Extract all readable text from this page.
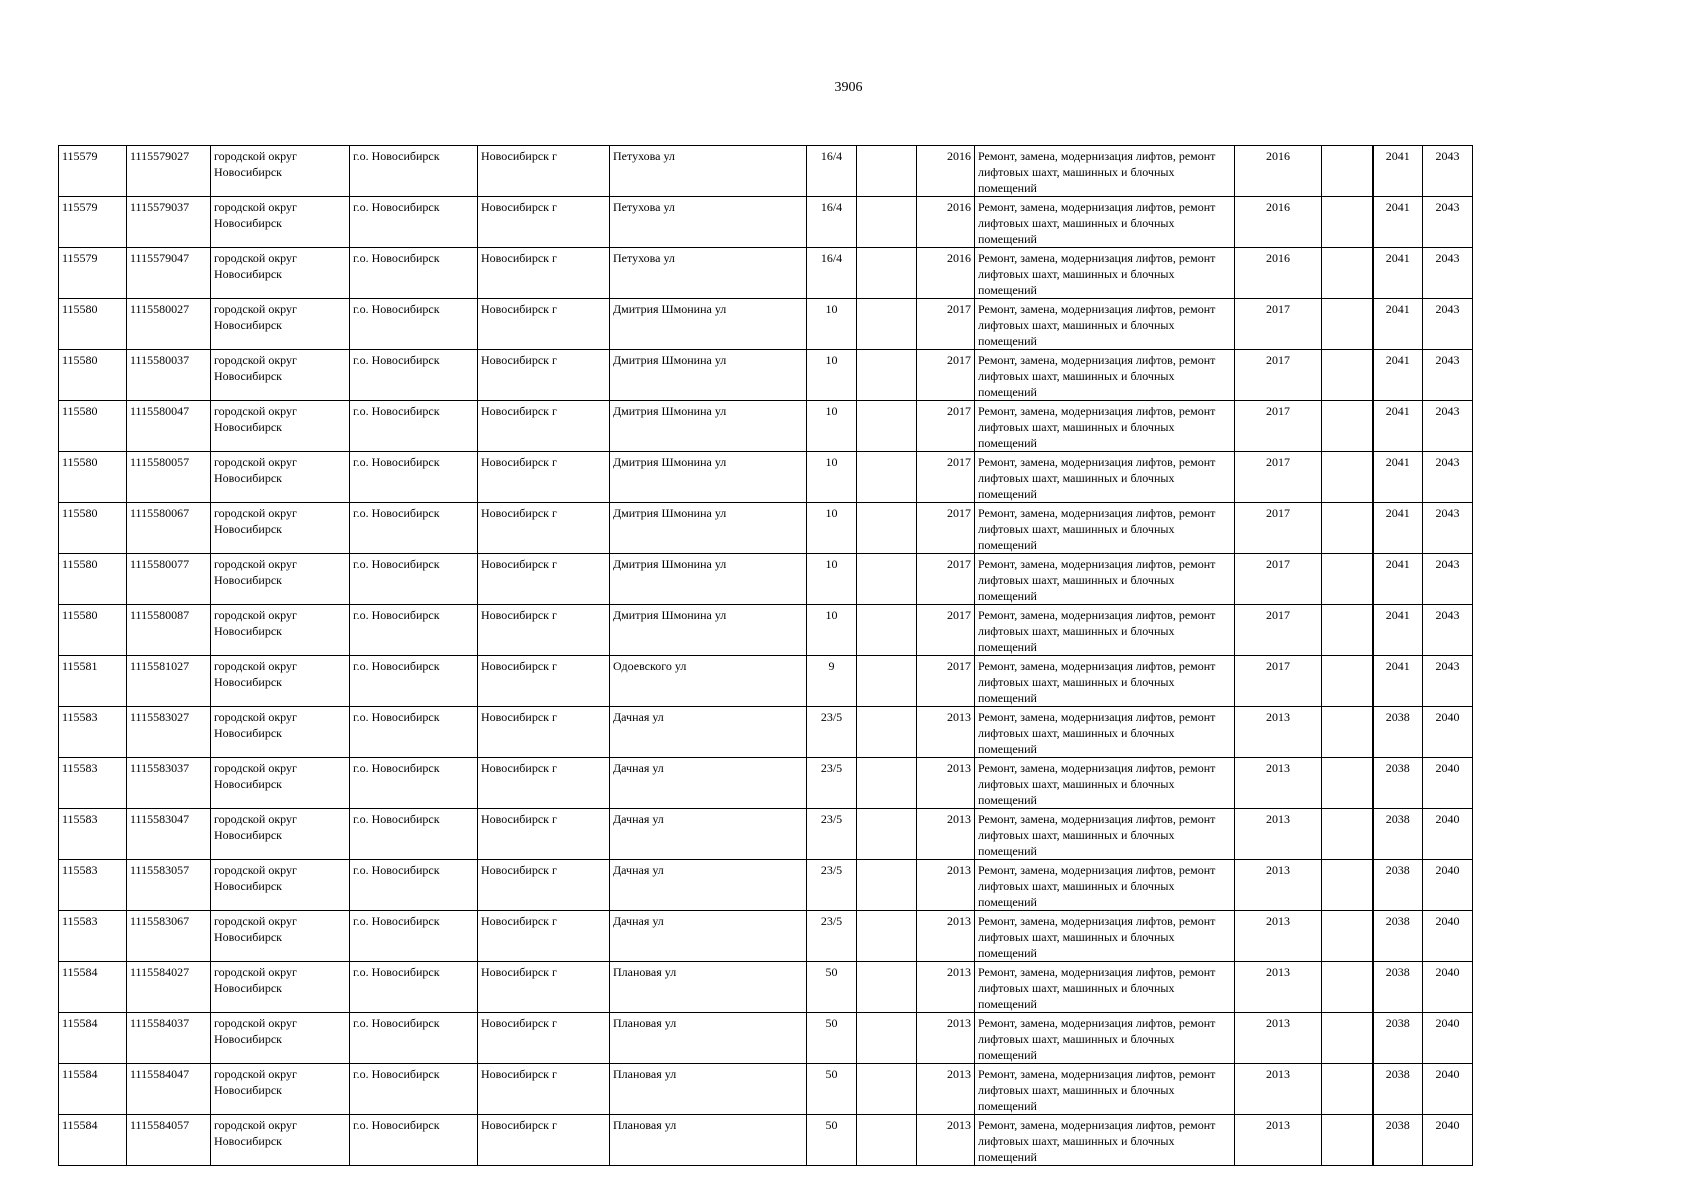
3906
115579	1115579027	городской округ Новосибирск	г.о. Новосибирск	Новосибирск г	Петухова ул	16/4		2016	Ремонт, замена, модернизация лифтов, ремонт лифтовых шахт, машинных и блочных помещений	2016		2041	2043
115579	1115579037	городской округ Новосибирск	г.о. Новосибирск	Новосибирск г	Петухова ул	16/4		2016	Ремонт, замена, модернизация лифтов, ремонт лифтовых шахт, машинных и блочных помещений	2016		2041	2043
115579	1115579047	городской округ Новосибирск	г.о. Новосибирск	Новосибирск г	Петухова ул	16/4		2016	Ремонт, замена, модернизация лифтов, ремонт лифтовых шахт, машинных и блочных помещений	2016		2041	2043
115580	1115580027	городской округ Новосибирск	г.о. Новосибирск	Новосибирск г	Дмитрия Шмонина ул	10		2017	Ремонт, замена, модернизация лифтов, ремонт лифтовых шахт, машинных и блочных помещений	2017		2041	2043
115580	1115580037	городской округ Новосибирск	г.о. Новосибирск	Новосибирск г	Дмитрия Шмонина ул	10		2017	Ремонт, замена, модернизация лифтов, ремонт лифтовых шахт, машинных и блочных помещений	2017		2041	2043
115580	1115580047	городской округ Новосибирск	г.о. Новосибирск	Новосибирск г	Дмитрия Шмонина ул	10		2017	Ремонт, замена, модернизация лифтов, ремонт лифтовых шахт, машинных и блочных помещений	2017		2041	2043
115580	1115580057	городской округ Новосибирск	г.о. Новосибирск	Новосибирск г	Дмитрия Шмонина ул	10		2017	Ремонт, замена, модернизация лифтов, ремонт лифтовых шахт, машинных и блочных помещений	2017		2041	2043
115580	1115580067	городской округ Новосибирск	г.о. Новосибирск	Новосибирск г	Дмитрия Шмонина ул	10		2017	Ремонт, замена, модернизация лифтов, ремонт лифтовых шахт, машинных и блочных помещений	2017		2041	2043
115580	1115580077	городской округ Новосибирск	г.о. Новосибирск	Новосибирск г	Дмитрия Шмонина ул	10		2017	Ремонт, замена, модернизация лифтов, ремонт лифтовых шахт, машинных и блочных помещений	2017		2041	2043
115580	1115580087	городской округ Новосибирск	г.о. Новосибирск	Новосибирск г	Дмитрия Шмонина ул	10		2017	Ремонт, замена, модернизация лифтов, ремонт лифтовых шахт, машинных и блочных помещений	2017		2041	2043
115581	1115581027	городской округ Новосибирск	г.о. Новосибирск	Новосибирск г	Одоевского ул	9		2017	Ремонт, замена, модернизация лифтов, ремонт лифтовых шахт, машинных и блочных помещений	2017		2041	2043
115583	1115583027	городской округ Новосибирск	г.о. Новосибирск	Новосибирск г	Дачная ул	23/5		2013	Ремонт, замена, модернизация лифтов, ремонт лифтовых шахт, машинных и блочных помещений	2013		2038	2040
115583	1115583037	городской округ Новосибирск	г.о. Новосибирск	Новосибирск г	Дачная ул	23/5		2013	Ремонт, замена, модернизация лифтов, ремонт лифтовых шахт, машинных и блочных помещений	2013		2038	2040
115583	1115583047	городской округ Новосибирск	г.о. Новосибирск	Новосибирск г	Дачная ул	23/5		2013	Ремонт, замена, модернизация лифтов, ремонт лифтовых шахт, машинных и блочных помещений	2013		2038	2040
115583	1115583057	городской округ Новосибирск	г.о. Новосибирск	Новосибирск г	Дачная ул	23/5		2013	Ремонт, замена, модернизация лифтов, ремонт лифтовых шахт, машинных и блочных помещений	2013		2038	2040
115583	1115583067	городской округ Новосибирск	г.о. Новосибирск	Новосибирск г	Дачная ул	23/5		2013	Ремонт, замена, модернизация лифтов, ремонт лифтовых шахт, машинных и блочных помещений	2013		2038	2040
115584	1115584027	городской округ Новосибирск	г.о. Новосибирск	Новосибирск г	Плановая ул	50		2013	Ремонт, замена, модернизация лифтов, ремонт лифтовых шахт, машинных и блочных помещений	2013		2038	2040
115584	1115584037	городской округ Новосибирск	г.о. Новосибирск	Новосибирск г	Плановая ул	50		2013	Ремонт, замена, модернизация лифтов, ремонт лифтовых шахт, машинных и блочных помещений	2013		2038	2040
115584	1115584047	городской округ Новосибирск	г.о. Новосибирск	Новосибирск г	Плановая ул	50		2013	Ремонт, замена, модернизация лифтов, ремонт лифтовых шахт, машинных и блочных помещений	2013		2038	2040
115584	1115584057	городской округ Новосибирск	г.о. Новосибирск	Новосибирск г	Плановая ул	50		2013	Ремонт, замена, модернизация лифтов, ремонт лифтовых шахт, машинных и блочных помещений	2013		2038	2040
